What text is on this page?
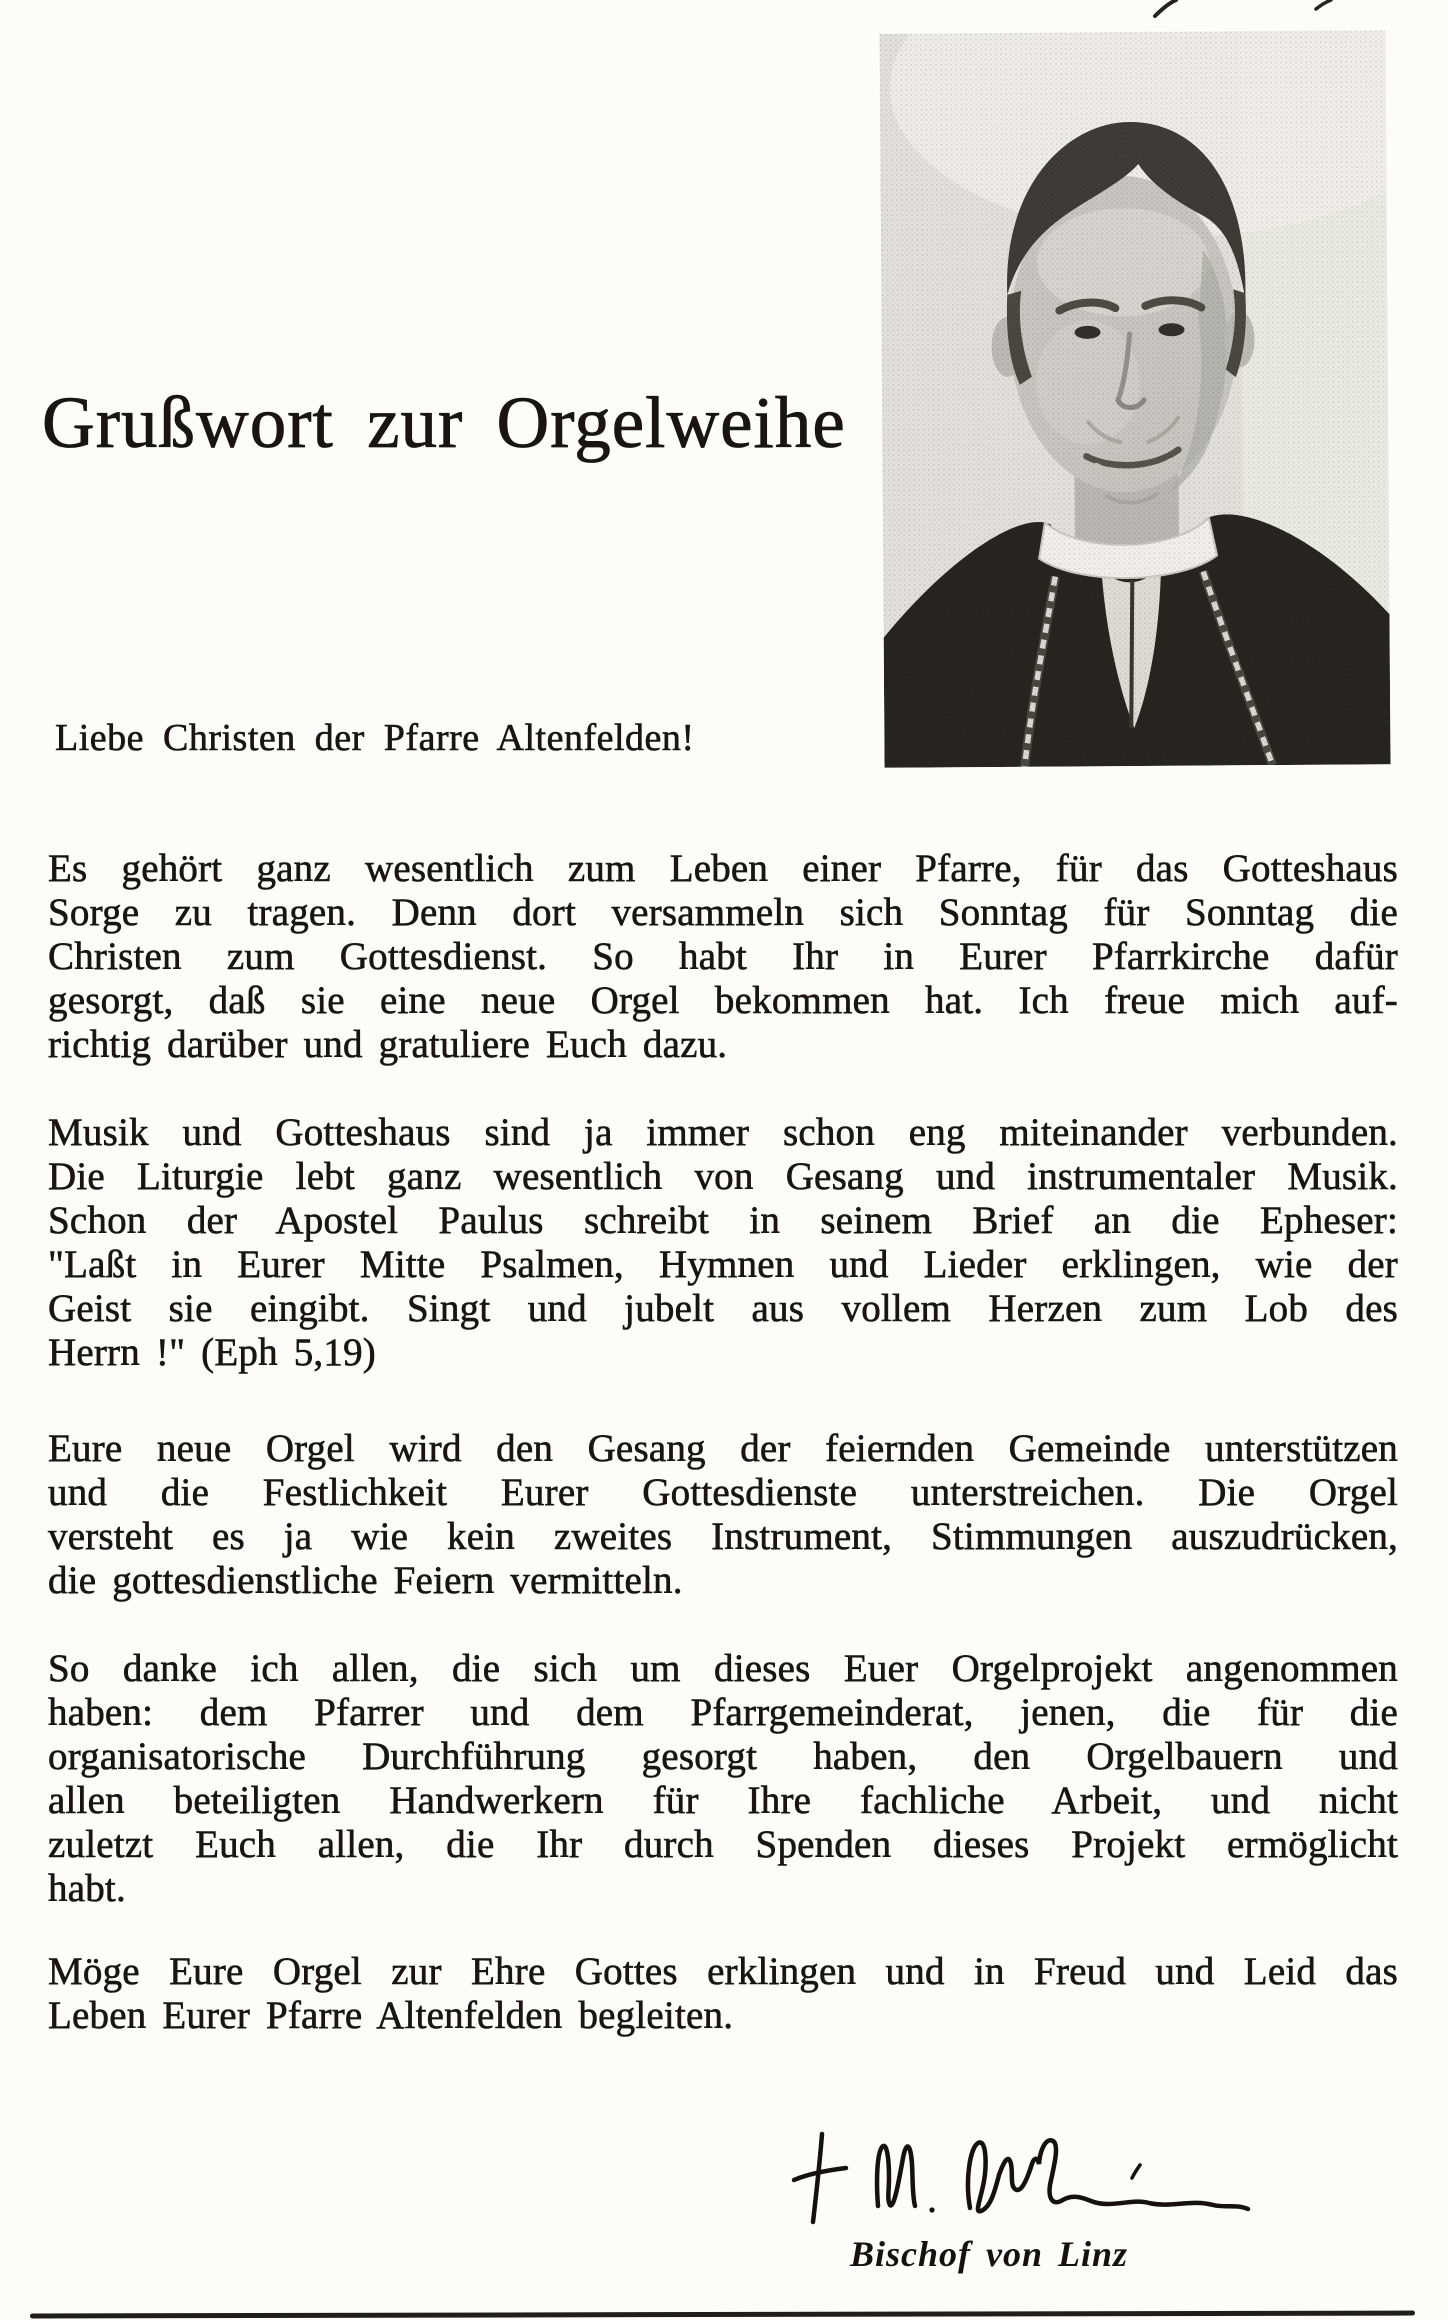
Grußwort zur Orgelweihe

Liebe Christen der Pfarre Altenfelden!

Es gehört ganz wesentlich zum Leben einer Pfarre, für das Gotteshaus
Sorge zu tragen. Denn dort versammeln sich Sonntag für Sonntag die
Christen zum Gottesdienst. So habt Ihr in Eurer Pfarrkirche dafür
gesorgt, daß sie eine neue Orgel bekommen hat. Ich freue mich auf-
richtig darüber und gratuliere Euch dazu.
Musik und Gotteshaus sind ja immer schon eng miteinander verbunden.
Die Liturgie lebt ganz wesentlich von Gesang und instrumentaler Musik.
Schon der Apostel Paulus schreibt in seinem Brief an die Epheser:
"Laßt in Eurer Mitte Psalmen, Hymnen und Lieder erklingen, wie der
Geist sie eingibt. Singt und jubelt aus vollem Herzen zum Lob des
Herrn !" (Eph 5,19)
Eure neue Orgel wird den Gesang der feiernden Gemeinde unterstützen
und die Festlichkeit Eurer Gottesdienste unterstreichen. Die Orgel
versteht es ja wie kein zweites Instrument, Stimmungen auszudrücken,
die gottesdienstliche Feiern vermitteln.
So danke ich allen, die sich um dieses Euer Orgelprojekt angenommen
haben: dem Pfarrer und dem Pfarrgemeinderat, jenen, die für die
organisatorische Durchführung gesorgt haben, den Orgelbauern und
allen beteiligten Handwerkern für Ihre fachliche Arbeit, und nicht
zuletzt Euch allen, die Ihr durch Spenden dieses Projekt ermöglicht
habt.
Möge Eure Orgel zur Ehre Gottes erklingen und in Freud und Leid das
Leben Eurer Pfarre Altenfelden begleiten.
Bischof von Linz
